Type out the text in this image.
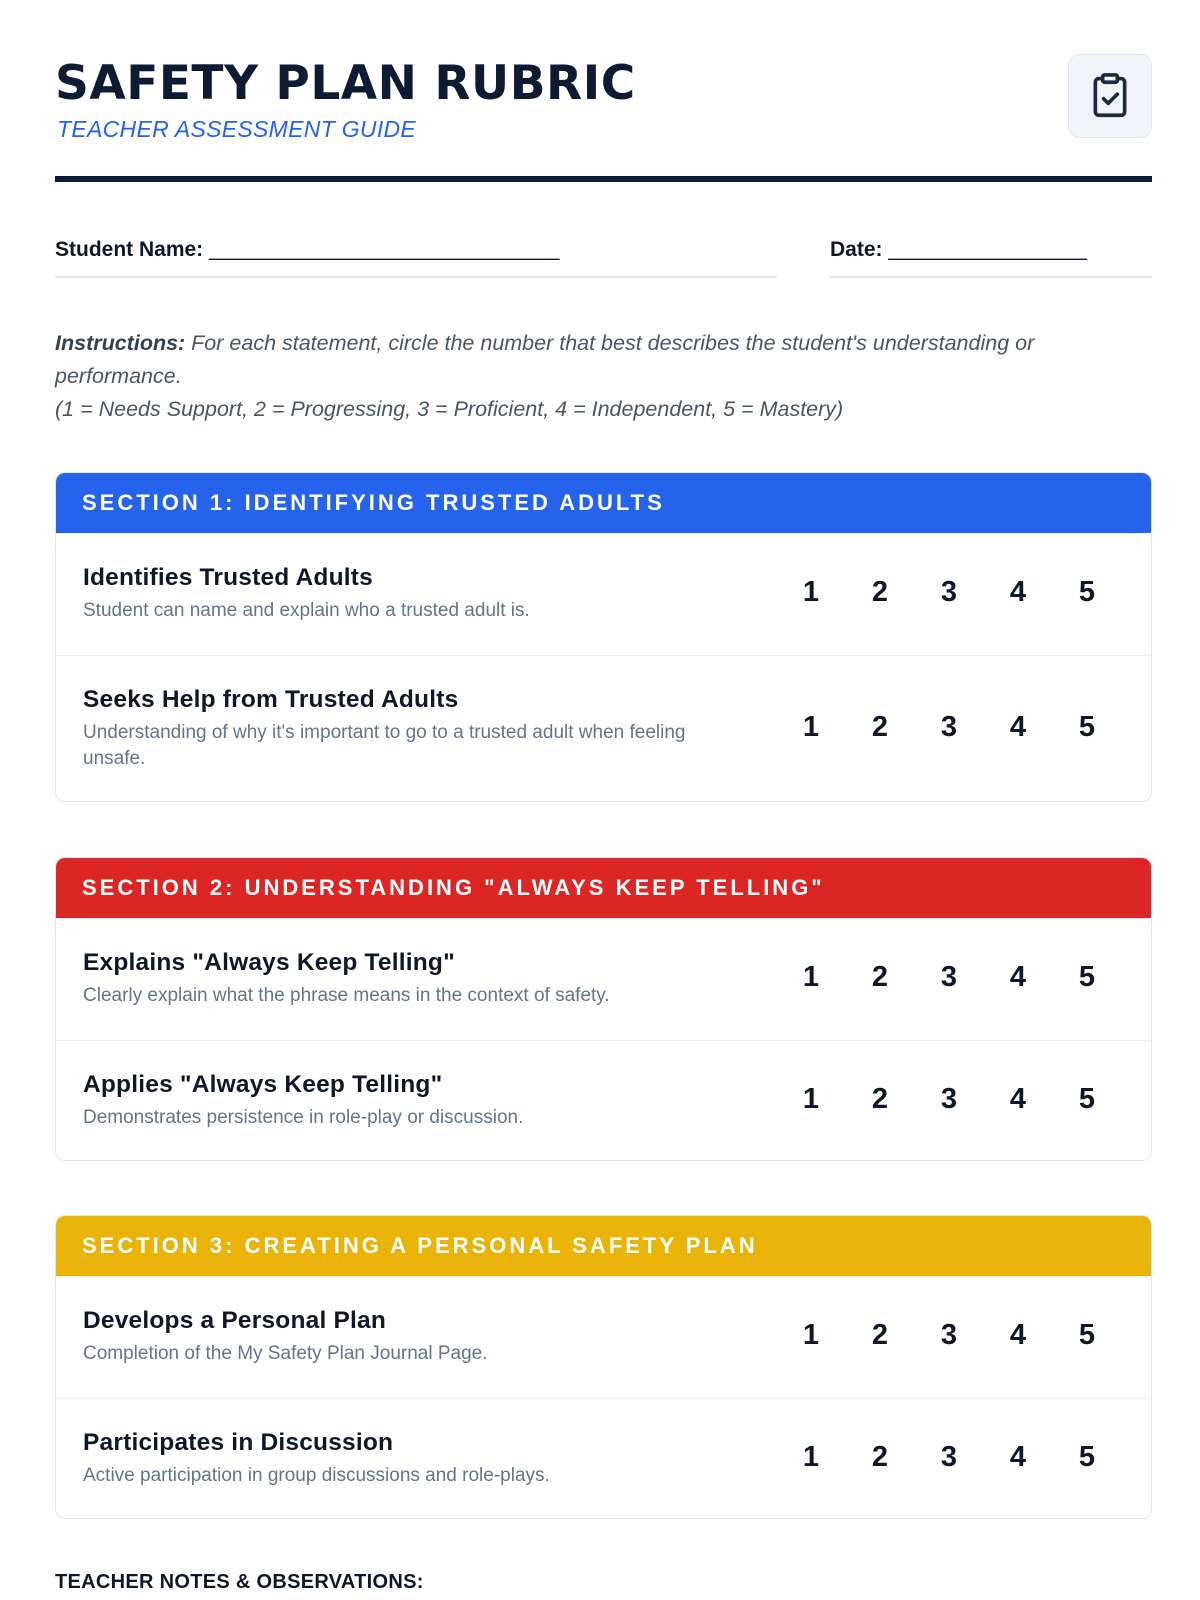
SAFETY PLAN RUBRIC
TEACHER ASSESSMENT GUIDE
Student Name: ______________________________	Date: _________________
Instructions: For each statement, circle the number that best describes the student's understanding or performance.
(1 = Needs Support, 2 = Progressing, 3 = Proficient, 4 = Independent, 5 = Mastery)
SECTION 1: IDENTIFYING TRUSTED ADULTS
Identifies Trusted Adults
Student can name and explain who a trusted adult is.
1	2	3	4	5
Seeks Help from Trusted Adults
Understanding of why it's important to go to a trusted adult when feeling unsafe.
1	2	3	4	5
SECTION 2: UNDERSTANDING "ALWAYS KEEP TELLING"
Explains "Always Keep Telling"
Clearly explain what the phrase means in the context of safety.
1	2	3	4	5
Applies "Always Keep Telling"
Demonstrates persistence in role-play or discussion.
1	2	3	4	5
SECTION 3: CREATING A PERSONAL SAFETY PLAN
Develops a Personal Plan
Completion of the My Safety Plan Journal Page.
1	2	3	4	5
Participates in Discussion
Active participation in group discussions and role-plays.
1	2	3	4	5
TEACHER NOTES & OBSERVATIONS:
